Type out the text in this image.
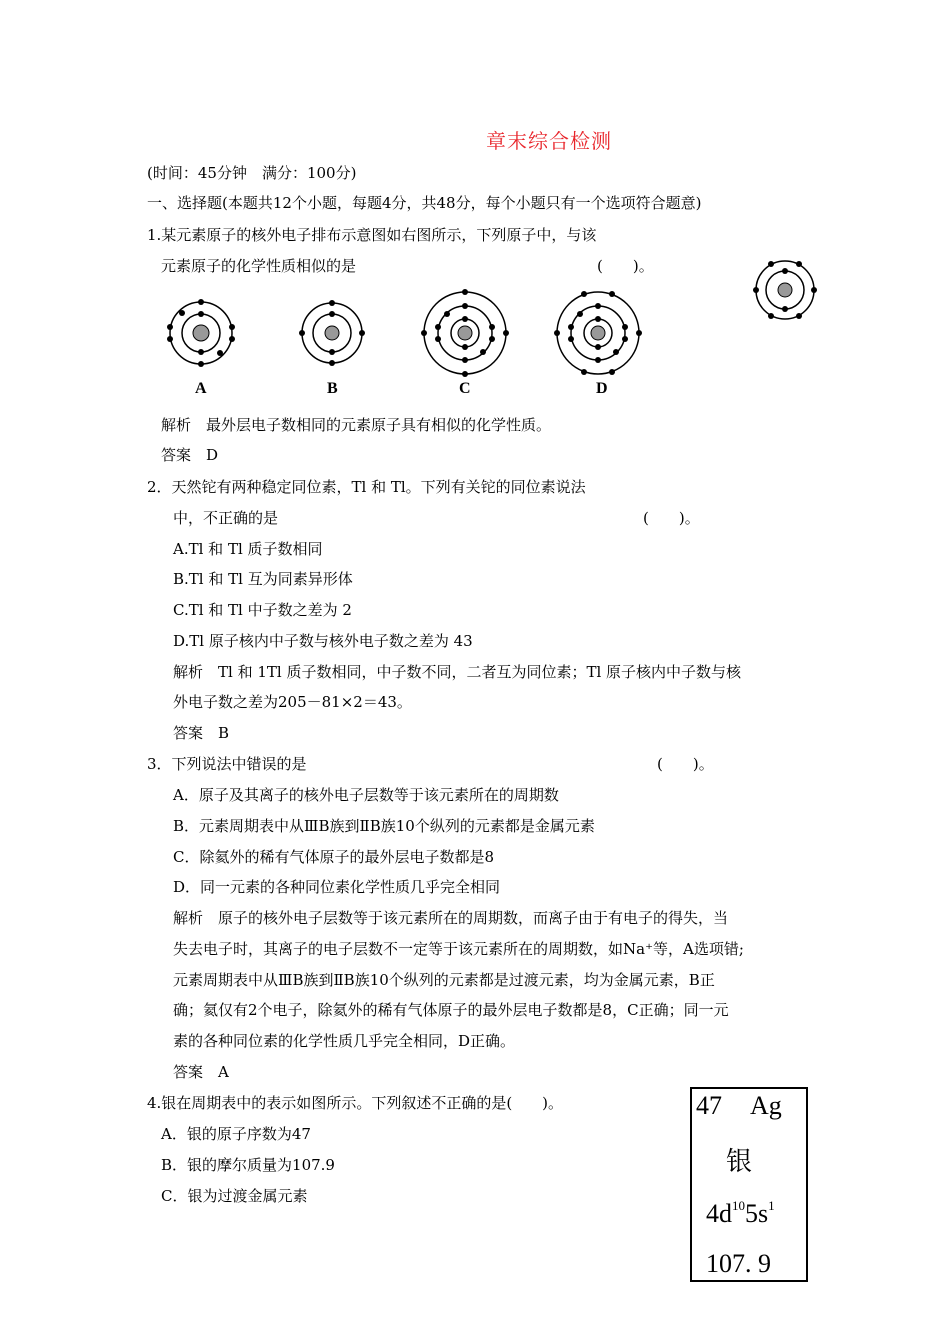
章末综合检测
(时间：45分钟　满分：100分)
一、选择题(本题共12个小题，每题4分，共48分，每个小题只有一个选项符合题意)
1.某元素原子的核外电子排布示意图如右图所示，下列原子中，与该
元素原子的化学性质相似的是	(　　)。
A	B	C	D
解析　最外层电子数相同的元素原子具有相似的化学性质。
答案　D
2．天然铊有两种稳定同位素，Tl 和 Tl。下列有关铊的同位素说法
中，不正确的是	(　　)。
A.Tl 和 Tl 质子数相同
B.Tl 和 Tl 互为同素异形体
C.Tl 和 Tl 中子数之差为 2
D.Tl 原子核内中子数与核外电子数之差为 43
解析　Tl 和 1Tl 质子数相同，中子数不同，二者互为同位素；Tl 原子核内中子数与核
外电子数之差为205－81×2＝43。
答案　B
3．下列说法中错误的是	(　　)。
A．原子及其离子的核外电子层数等于该元素所在的周期数
B．元素周期表中从ⅢB族到ⅡB族10个纵列的元素都是金属元素
C．除氦外的稀有气体原子的最外层电子数都是8
D．同一元素的各种同位素化学性质几乎完全相同
解析　原子的核外电子层数等于该元素所在的周期数，而离子由于有电子的得失，当
失去电子时，其离子的电子层数不一定等于该元素所在的周期数，如Na⁺等，A选项错;
元素周期表中从ⅢB族到ⅡB族10个纵列的元素都是过渡元素，均为金属元素，B正
确；氦仅有2个电子，除氦外的稀有气体原子的最外层电子数都是8，C正确；同一元
素的各种同位素的化学性质几乎完全相同，D正确。
答案　A
4.银在周期表中的表示如图所示。下列叙述不正确的是(　　)。
A．银的原子序数为47
B．银的摩尔质量为107.9
C．银为过渡金属元素
47 Ag
银
$4d^{10}5s^1$
107. 9
